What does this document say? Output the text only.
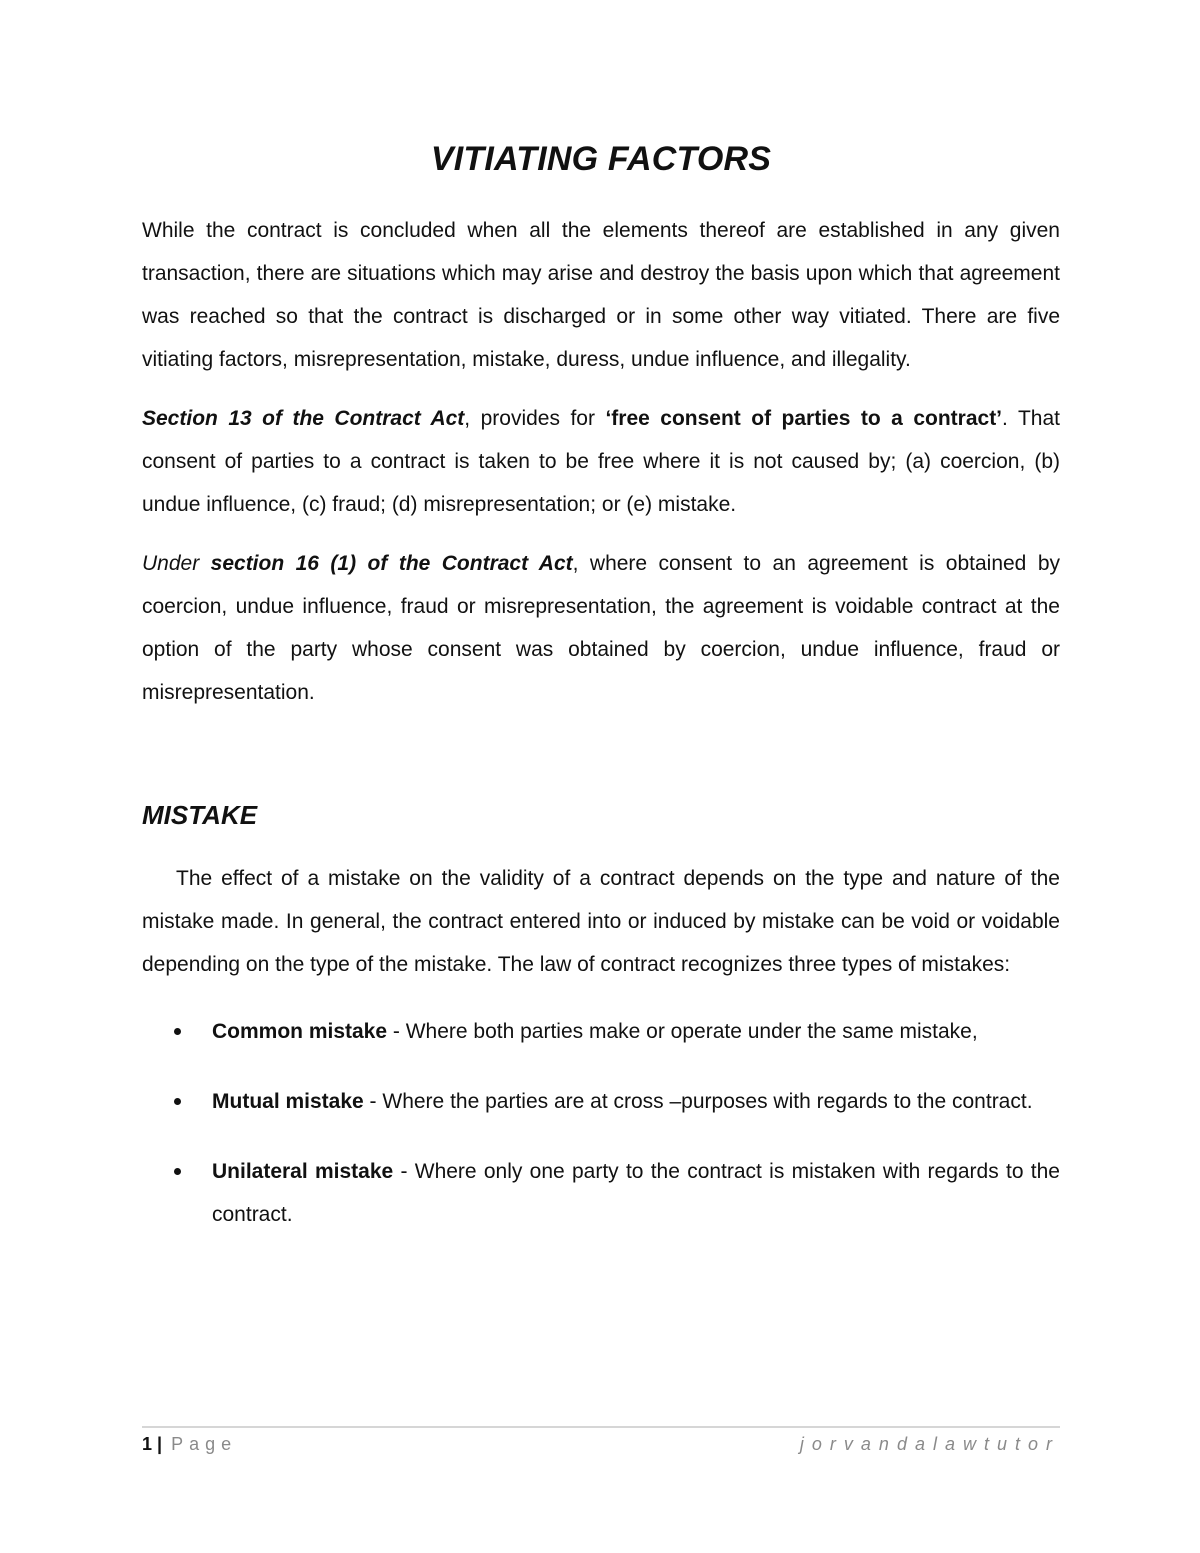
VITIATING FACTORS

While the contract is concluded when all the elements thereof are established in any given transaction, there are situations which may arise and destroy the basis upon which that agreement was reached so that the contract is discharged or in some other way vitiated. There are five vitiating factors, misrepresentation, mistake, duress, undue influence, and illegality.

Section 13 of the Contract Act, provides for ‘free consent of parties to a contract’. That consent of parties to a contract is taken to be free where it is not caused by; (a) coercion, (b) undue influence, (c) fraud; (d) misrepresentation; or (e) mistake.

Under section 16 (1) of the Contract Act, where consent to an agreement is obtained by coercion, undue influence, fraud or misrepresentation, the agreement is voidable contract at the option of the party whose consent was obtained by coercion, undue influence, fraud or misrepresentation.

MISTAKE

The effect of a mistake on the validity of a contract depends on the type and nature of the mistake made. In general, the contract entered into or induced by mistake can be void or voidable depending on the type of the mistake. The law of contract recognizes three types of mistakes:

Common mistake - Where both parties make or operate under the same mistake,
Mutual mistake - Where the parties are at cross –purposes with regards to the contract.
Unilateral mistake - Where only one party to the contract is mistaken with regards to the contract.
1 | Page	jorvandalawtutor
